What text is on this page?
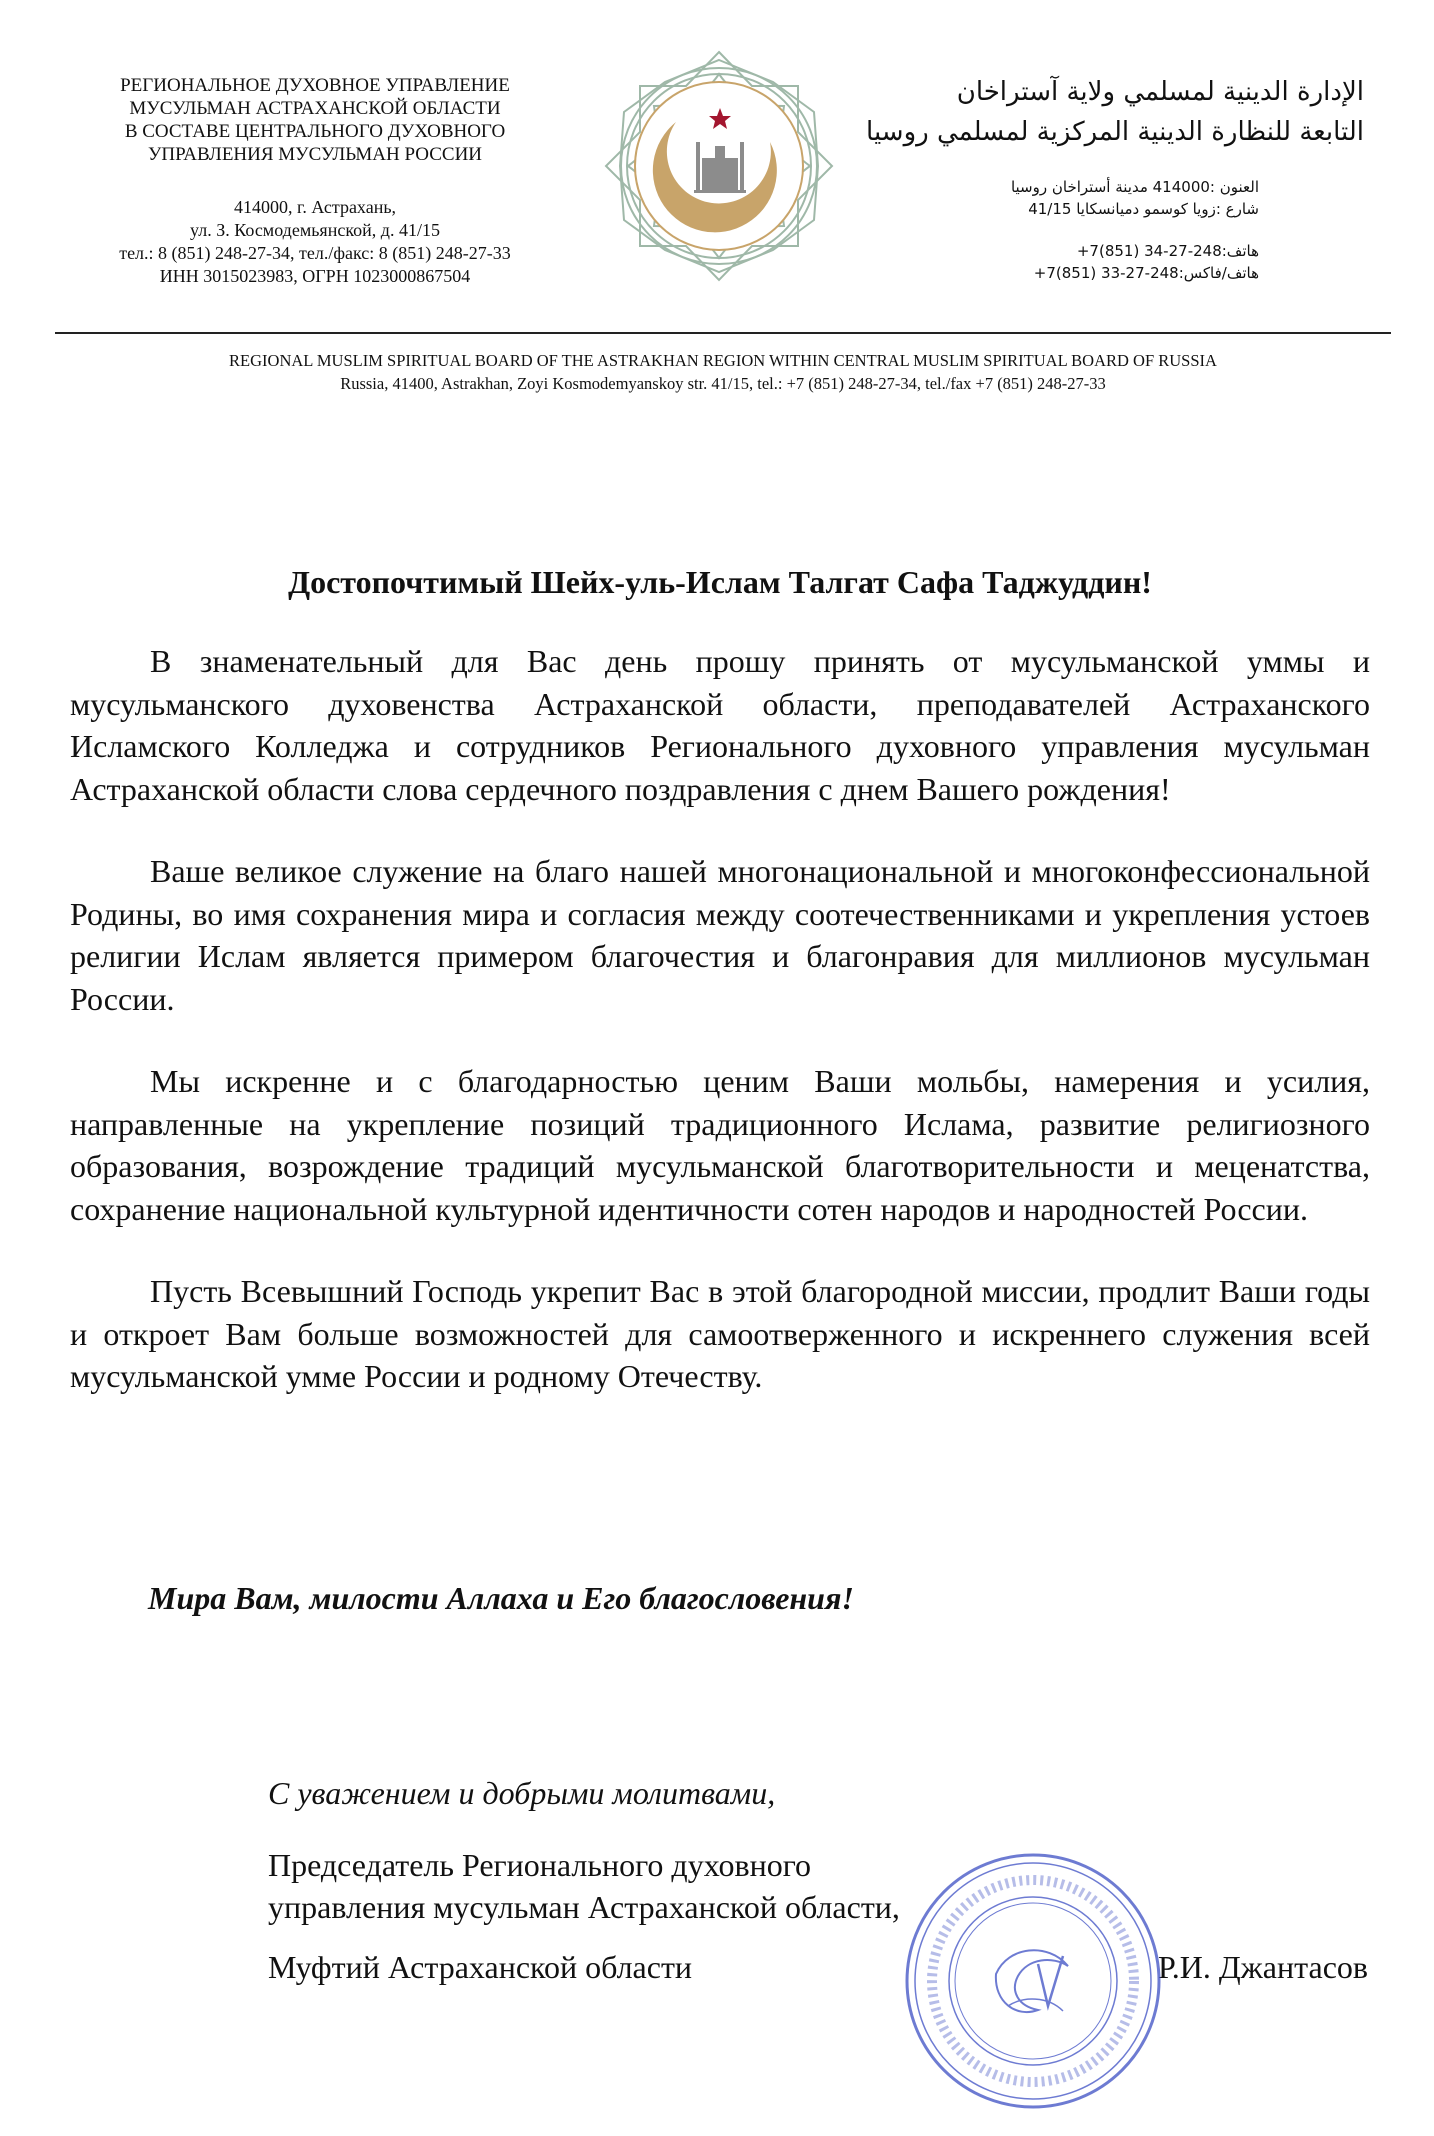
РЕГИОНАЛЬНОЕ ДУХОВНОЕ УПРАВЛЕНИЕ
МУСУЛЬМАН АСТРАХАНСКОЙ ОБЛАСТИ
В СОСТАВЕ ЦЕНТРАЛЬНОГО ДУХОВНОГО
УПРАВЛЕНИЯ МУСУЛЬМАН РОССИИ
414000, г. Астрахань,
ул. З. Космодемьянской, д. 41/15
тел.: 8 (851) 248-27-34, тел./факс: 8 (851) 248-27-33
ИНН 3015023983, ОГРН 1023000867504
الإدارة الدينية لمسلمي ولاية آستراخان
التابعة للنظارة الدينية المركزية لمسلمي روسيا
العنون :414000 مدينة أستراخان روسيا
شارع :زويا كوسمو دميانسكايا 41/15
هاتف:248-27-34 (851)7+
هاتف/فاكس:248-27-33 (851)7+
REGIONAL MUSLIM SPIRITUAL BOARD OF THE ASTRAKHAN REGION WITHIN CENTRAL MUSLIM SPIRITUAL BOARD OF RUSSIA
Russia, 41400, Astrakhan, Zoyi Kosmodemyanskoy str. 41/15, tel.: +7 (851) 248-27-34, tel./fax +7 (851) 248-27-33
Достопочтимый Шейх-уль-Ислам Талгат Сафа Таджуддин!

В знаменательный для Вас день прошу принять от мусульманской уммы и мусульманского духовенства Астраханской области, преподавателей Астраханского Исламского Колледжа и сотрудников Регионального духовного управления мусульман Астраханской области слова сердечного поздравления с днем Вашего рождения!

Ваше великое служение на благо нашей многонациональной и многоконфессиональной Родины, во имя сохранения мира и согласия между соотечественниками и укрепления устоев религии Ислам является примером благочестия и благонравия для миллионов мусульман России.

Мы искренне и с благодарностью ценим Ваши мольбы, намерения и усилия, направленные на укрепление позиций традиционного Ислама, развитие религиозного образования, возрождение традиций мусульманской благотворительности и меценатства, сохранение национальной культурной идентичности сотен народов и народностей России.

Пусть Всевышний Господь укрепит Вас в этой благородной миссии, продлит Ваши годы и откроет Вам больше возможностей для самоотверженного и искреннего служения всей мусульманской умме России и родному Отечеству.

Мира Вам, милости Аллаха и Его благословения!
С уважением и добрыми молитвами,
Председатель Регионального духовного
управления мусульман Астраханской области,
Муфтий Астраханской области	Р.И. Джантасов
